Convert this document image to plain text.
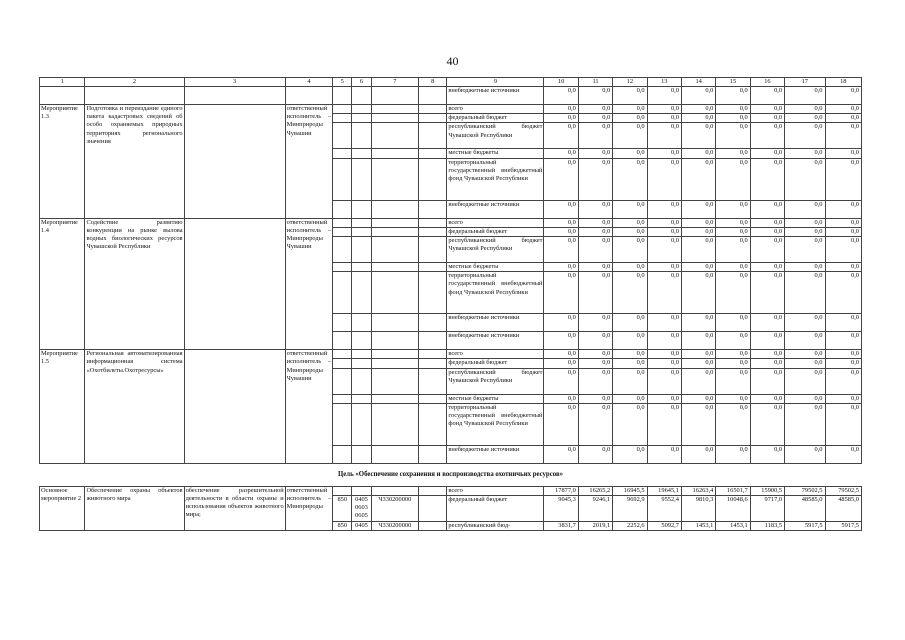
40
1	2	3	4	5	6	7	8	9	10	11	12	13	14	15	16	17	18
								внебюджетные источники	0,0	0,0	0,0	0,0	0,0	0,0	0,0	0,0	0,0
Мероприятие 1.3	Подготовка и переиздание единого пакета кадастровых сведений об особо охраняемых природных территориях регионального значения		ответственный исполнитель – Минприроды Чувашии					всего	0,0	0,0	0,0	0,0	0,0	0,0	0,0	0,0	0,0
								федеральный бюджет	0,0	0,0	0,0	0,0	0,0	0,0	0,0	0,0	0,0
								республиканский бюджет Чувашской Республики	0,0	0,0	0,0	0,0	0,0	0,0	0,0	0,0	0,0
								местные бюджеты	0,0	0,0	0,0	0,0	0,0	0,0	0,0	0,0	0,0
								территориальный государственный внебюджетный фонд Чувашской Республики	0,0	0,0	0,0	0,0	0,0	0,0	0,0	0,0	0,0
								внебюджетные источники	0,0	0,0	0,0	0,0	0,0	0,0	0,0	0,0	0,0
Мероприятие 1.4	Содействие развитию конкуренции на рынке вылова водных биологических ресурсов Чувашской Республики		ответственный исполнитель – Минприроды Чувашии					всего	0,0	0,0	0,0	0,0	0,0	0,0	0,0	0,0	0,0
								федеральный бюджет	0,0	0,0	0,0	0,0	0,0	0,0	0,0	0,0	0,0
								республиканский бюджет Чувашской Республики	0,0	0,0	0,0	0,0	0,0	0,0	0,0	0,0	0,0
								местные бюджеты	0,0	0,0	0,0	0,0	0,0	0,0	0,0	0,0	0,0
								территориальный государственный внебюджетный фонд Чувашской Республики	0,0	0,0	0,0	0,0	0,0	0,0	0,0	0,0	0,0
								внебюджетные источники	0,0	0,0	0,0	0,0	0,0	0,0	0,0	0,0	0,0
								внебюджетные источники	0,0	0,0	0,0	0,0	0,0	0,0	0,0	0,0	0,0
Мероприятие 1.5	Региональная автоматизированная информационная система «Охотбилеты.Охотресурсы»		ответственный исполнитель – Минприроды Чувашии					всего	0,0	0,0	0,0	0,0	0,0	0,0	0,0	0,0	0,0
								федеральный бюджет	0,0	0,0	0,0	0,0	0,0	0,0	0,0	0,0	0,0
								республиканский бюджет Чувашской Республики	0,0	0,0	0,0	0,0	0,0	0,0	0,0	0,0	0,0
								местные бюджеты	0,0	0,0	0,0	0,0	0,0	0,0	0,0	0,0	0,0
								территориальный государственный внебюджетный фонд Чувашской Республики	0,0	0,0	0,0	0,0	0,0	0,0	0,0	0,0	0,0
								внебюджетные источники	0,0	0,0	0,0	0,0	0,0	0,0	0,0	0,0	0,0
Цель «Обеспечение сохранения и воспроизводства охотничьих ресурсов»																	
Основное мероприятие 2	Обеспечение охраны объектов животного мира	обеспечение разрешительной деятельности в области охраны и использования объектов животного мира;	ответственный исполнитель – Минприроды					всего	17877,0	16265,2	16945,5	19645,1	16263,4	16501,7	15900,5	79502,5	79502,5
				850	0405 0603 0605	Ч330200000		федеральный бюджет	9045,3	9246,1	9692,9	9552,4	9810,3	10048,6	9717,0	48585,0	48585,0
				850	0405	Ч330200000		республиканский бюд-	3831,7	2019,1	2252,6	5092,7	1453,1	1453,1	1183,5	5917,5	5917,5
